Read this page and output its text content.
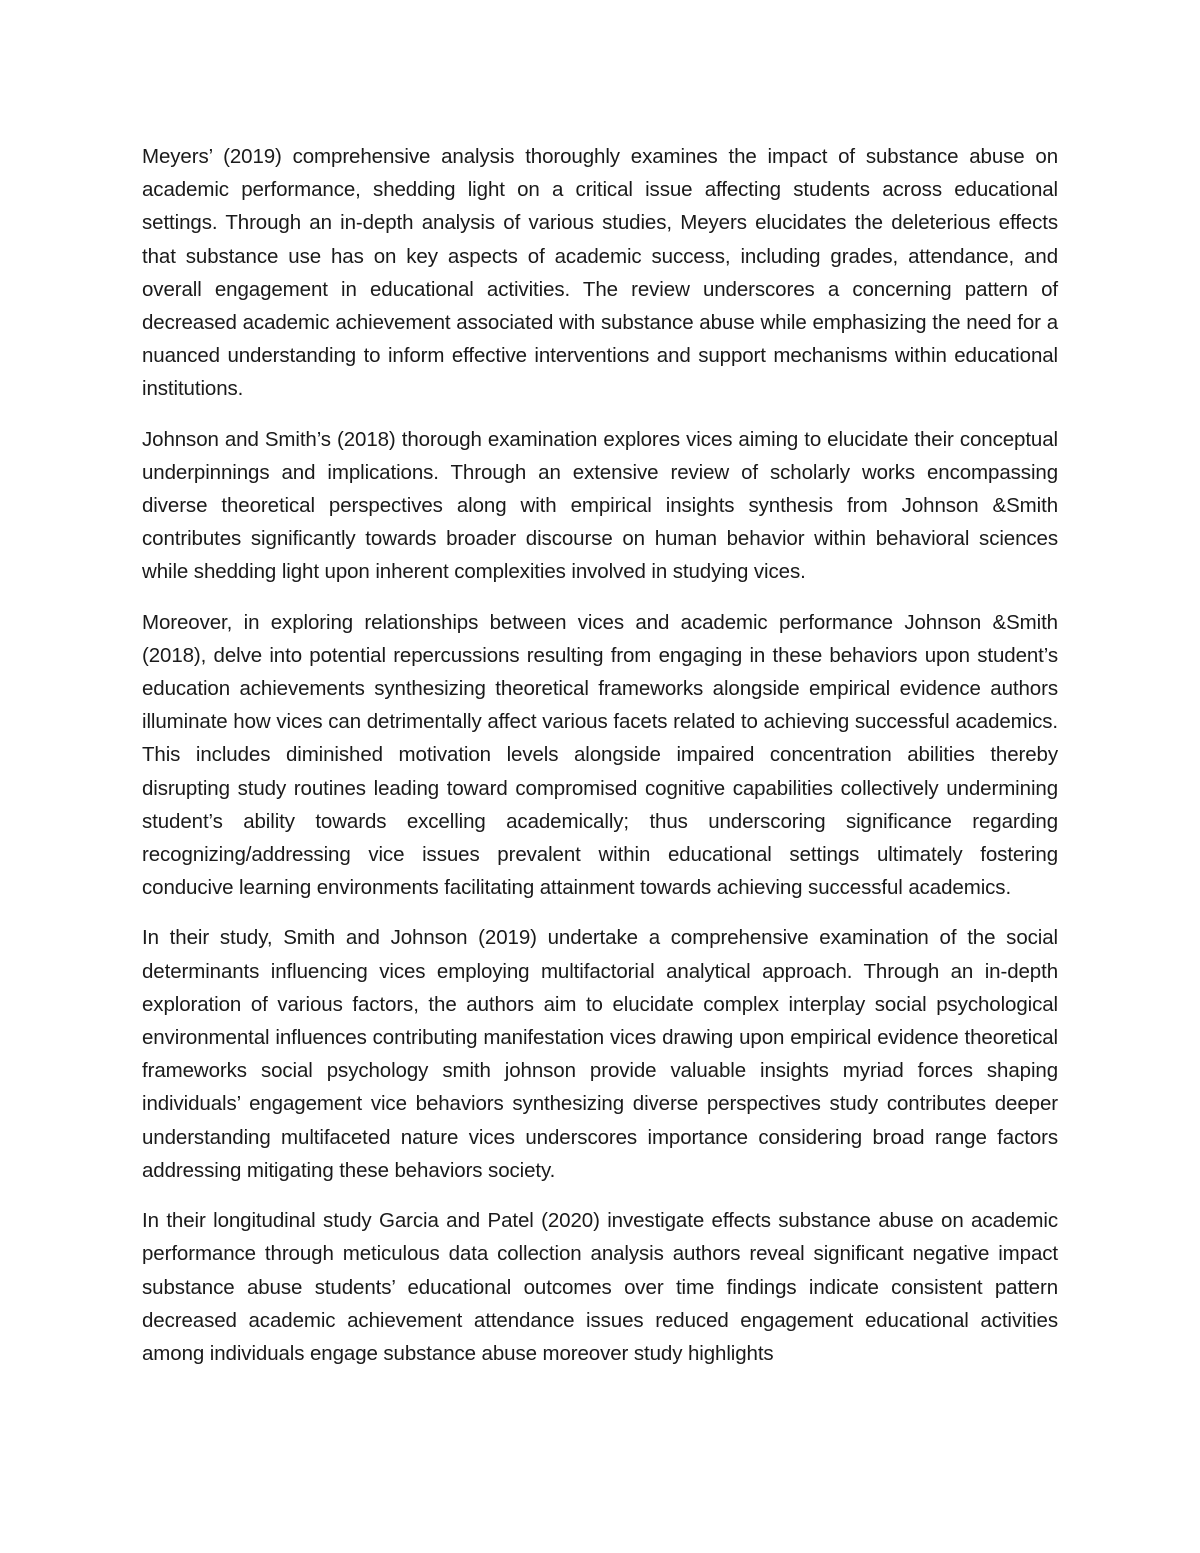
Meyers’ (2019) comprehensive analysis thoroughly examines the impact of substance abuse on academic performance, shedding light on a critical issue affecting students across educational settings. Through an in-depth analysis of various studies, Meyers elucidates the deleterious effects that substance use has on key aspects of academic success, including grades, attendance, and overall engagement in educational activities. The review underscores a concerning pattern of decreased academic achievement associated with substance abuse while emphasizing the need for a nuanced understanding to inform effective interventions and support mechanisms within educational institutions.

Johnson and Smith’s (2018) thorough examination explores vices aiming to elucidate their conceptual underpinnings and implications. Through an extensive review of scholarly works encompassing diverse theoretical perspectives along with empirical insights synthesis from Johnson &Smith contributes significantly towards broader discourse on human behavior within behavioral sciences while shedding light upon inherent complexities involved in studying vices.

Moreover, in exploring relationships between vices and academic performance Johnson &Smith (2018), delve into potential repercussions resulting from engaging in these behaviors upon student’s education achievements synthesizing theoretical frameworks alongside empirical evidence authors illuminate how vices can detrimentally affect various facets related to achieving successful academics. This includes diminished motivation levels alongside impaired concentration abilities thereby disrupting study routines leading toward compromised cognitive capabilities collectively undermining student’s ability towards excelling academically; thus underscoring significance regarding recognizing/addressing vice issues prevalent within educational settings ultimately fostering conducive learning environments facilitating attainment towards achieving successful academics.

In their study, Smith and Johnson (2019) undertake a comprehensive examination of the social determinants influencing vices employing multifactorial analytical approach. Through an in-depth exploration of various factors, the authors aim to elucidate complex interplay social psychological environmental influences contributing manifestation vices drawing upon empirical evidence theoretical frameworks social psychology smith johnson provide valuable insights myriad forces shaping individuals’ engagement vice behaviors synthesizing diverse perspectives study contributes deeper understanding multifaceted nature vices underscores importance considering broad range factors addressing mitigating these behaviors society.

In their longitudinal study Garcia and Patel (2020) investigate effects substance abuse on academic performance through meticulous data collection analysis authors reveal significant negative impact substance abuse students’ educational outcomes over time findings indicate consistent pattern decreased academic achievement attendance issues reduced engagement educational activities among individuals engage substance abuse moreover study highlights
